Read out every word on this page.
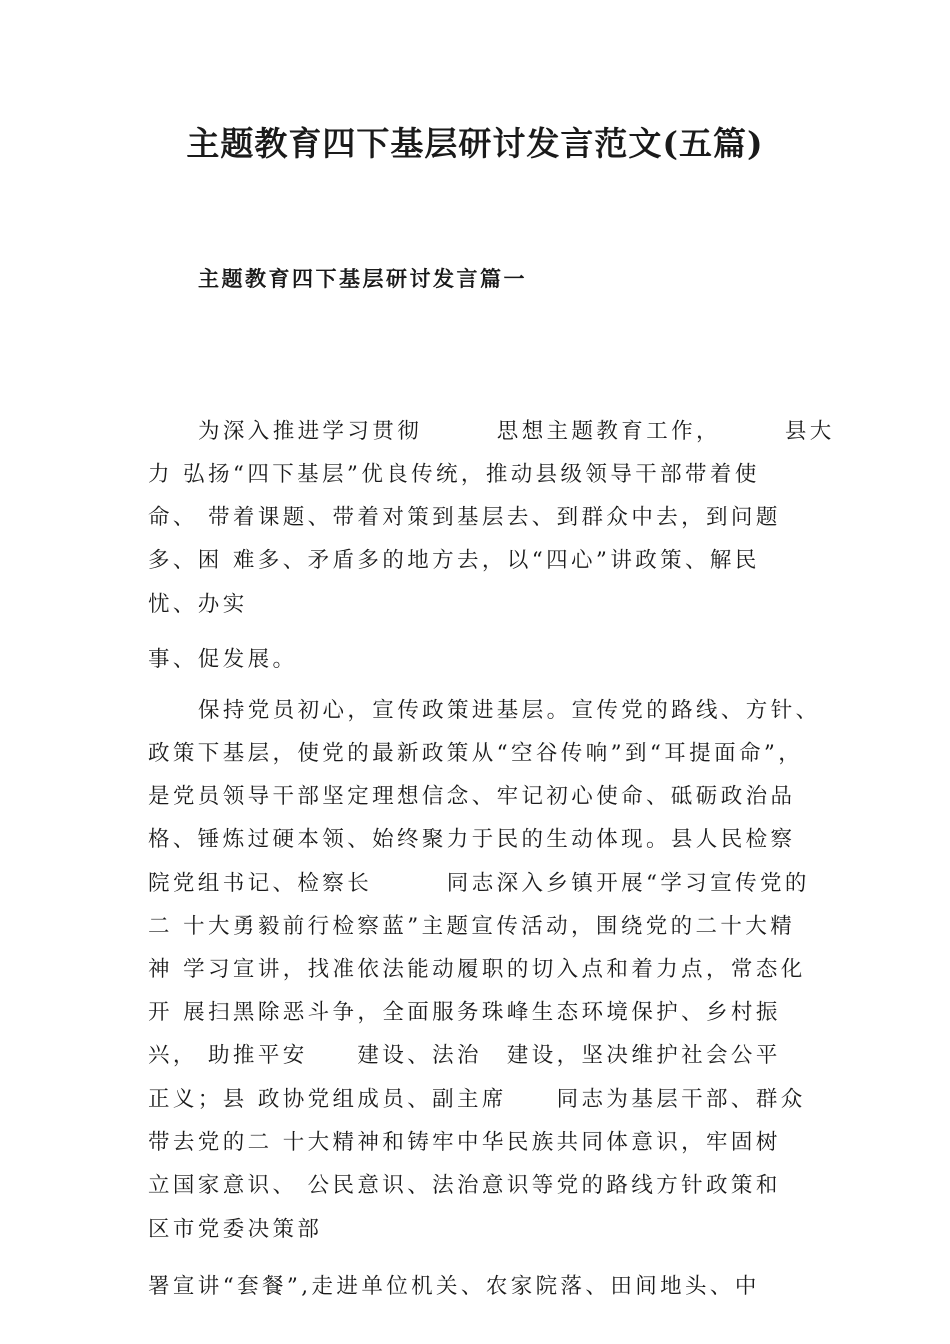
主题教育四下基层研讨发言范文(五篇)
主题教育四下基层研讨发言篇一
为深入推进学习贯彻　　　思想主题教育工作，　　　县大
力 弘扬“四下基层”优良传统，推动县级领导干部带着使
命、 带着课题、带着对策到基层去、到群众中去，到问题
多、困 难多、矛盾多的地方去，以“四心”讲政策、解民
忧、办实
事、促发展。
保持党员初心，宣传政策进基层。宣传党的路线、方针、
政策下基层，使党的最新政策从“空谷传响”到“耳提面命”，
是党员领导干部坚定理想信念、牢记初心使命、砥砺政治品
格、锤炼过硬本领、始终聚力于民的生动体现。县人民检察
院党组书记、检察长　　　同志深入乡镇开展“学习宣传党的
二 十大勇毅前行检察蓝”主题宣传活动，围绕党的二十大精
神 学习宣讲，找准依法能动履职的切入点和着力点，常态化
开 展扫黑除恶斗争，全面服务珠峰生态环境保护、乡村振
兴， 助推平安　　建设、法治　建设，坚决维护社会公平
正义；县 政协党组成员、副主席　　同志为基层干部、群众
带去党的二 十大精神和铸牢中华民族共同体意识，牢固树
立国家意识、 公民意识、法治意识等党的路线方针政策和
区市党委决策部
署宣讲“套餐”,走进单位机关、农家院落、田间地头、中
